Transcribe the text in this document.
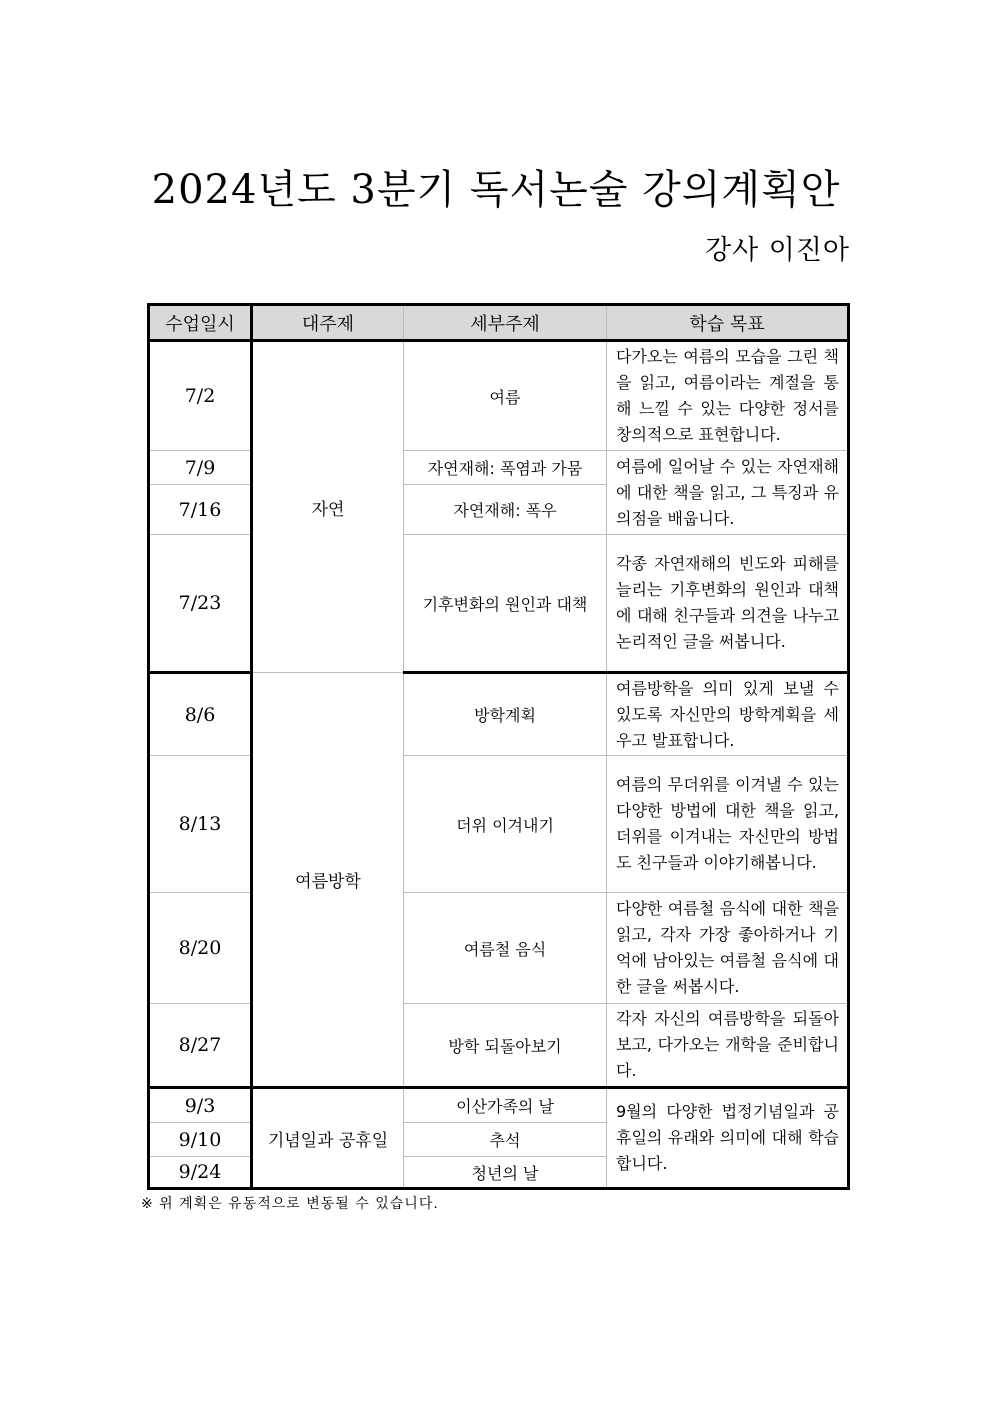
2024년도 3분기 독서논술 강의계획안
강사 이진아
수업일시	대주제	세부주제	학습 목표
7/2	자연	여름	다가오는 여름의 모습을 그린 책을 읽고, 여름이라는 계절을 통해 느낄 수 있는 다양한 정서를 창의적으로 표현합니다.
7/9		자연재해: 폭염과 가뭄	여름에 일어날 수 있는 자연재해에 대한 책을 읽고, 그 특징과 유의점을 배웁니다.
7/16		자연재해: 폭우	
7/23		기후변화의 원인과 대책	각종 자연재해의 빈도와 피해를 늘리는 기후변화의 원인과 대책에 대해 친구들과 의견을 나누고 논리적인 글을 써봅니다.
8/6	여름방학	방학계획	여름방학을 의미 있게 보낼 수 있도록 자신만의 방학계획을 세우고 발표합니다.
8/13		더위 이겨내기	여름의 무더위를 이겨낼 수 있는 다양한 방법에 대한 책을 읽고, 더위를 이겨내는 자신만의 방법도 친구들과 이야기해봅니다.
8/20		여름철 음식	다양한 여름철 음식에 대한 책을 읽고, 각자 가장 좋아하거나 기억에 남아있는 여름철 음식에 대한 글을 써봅시다.
8/27		방학 되돌아보기	각자 자신의 여름방학을 되돌아보고, 다가오는 개학을 준비합니다.
9/3	기념일과 공휴일	이산가족의 날	9월의 다양한 법정기념일과 공휴일의 유래와 의미에 대해 학습합니다.
9/10		추석	
9/24		청년의 날	
※ 위 계획은 유동적으로 변동될 수 있습니다.
